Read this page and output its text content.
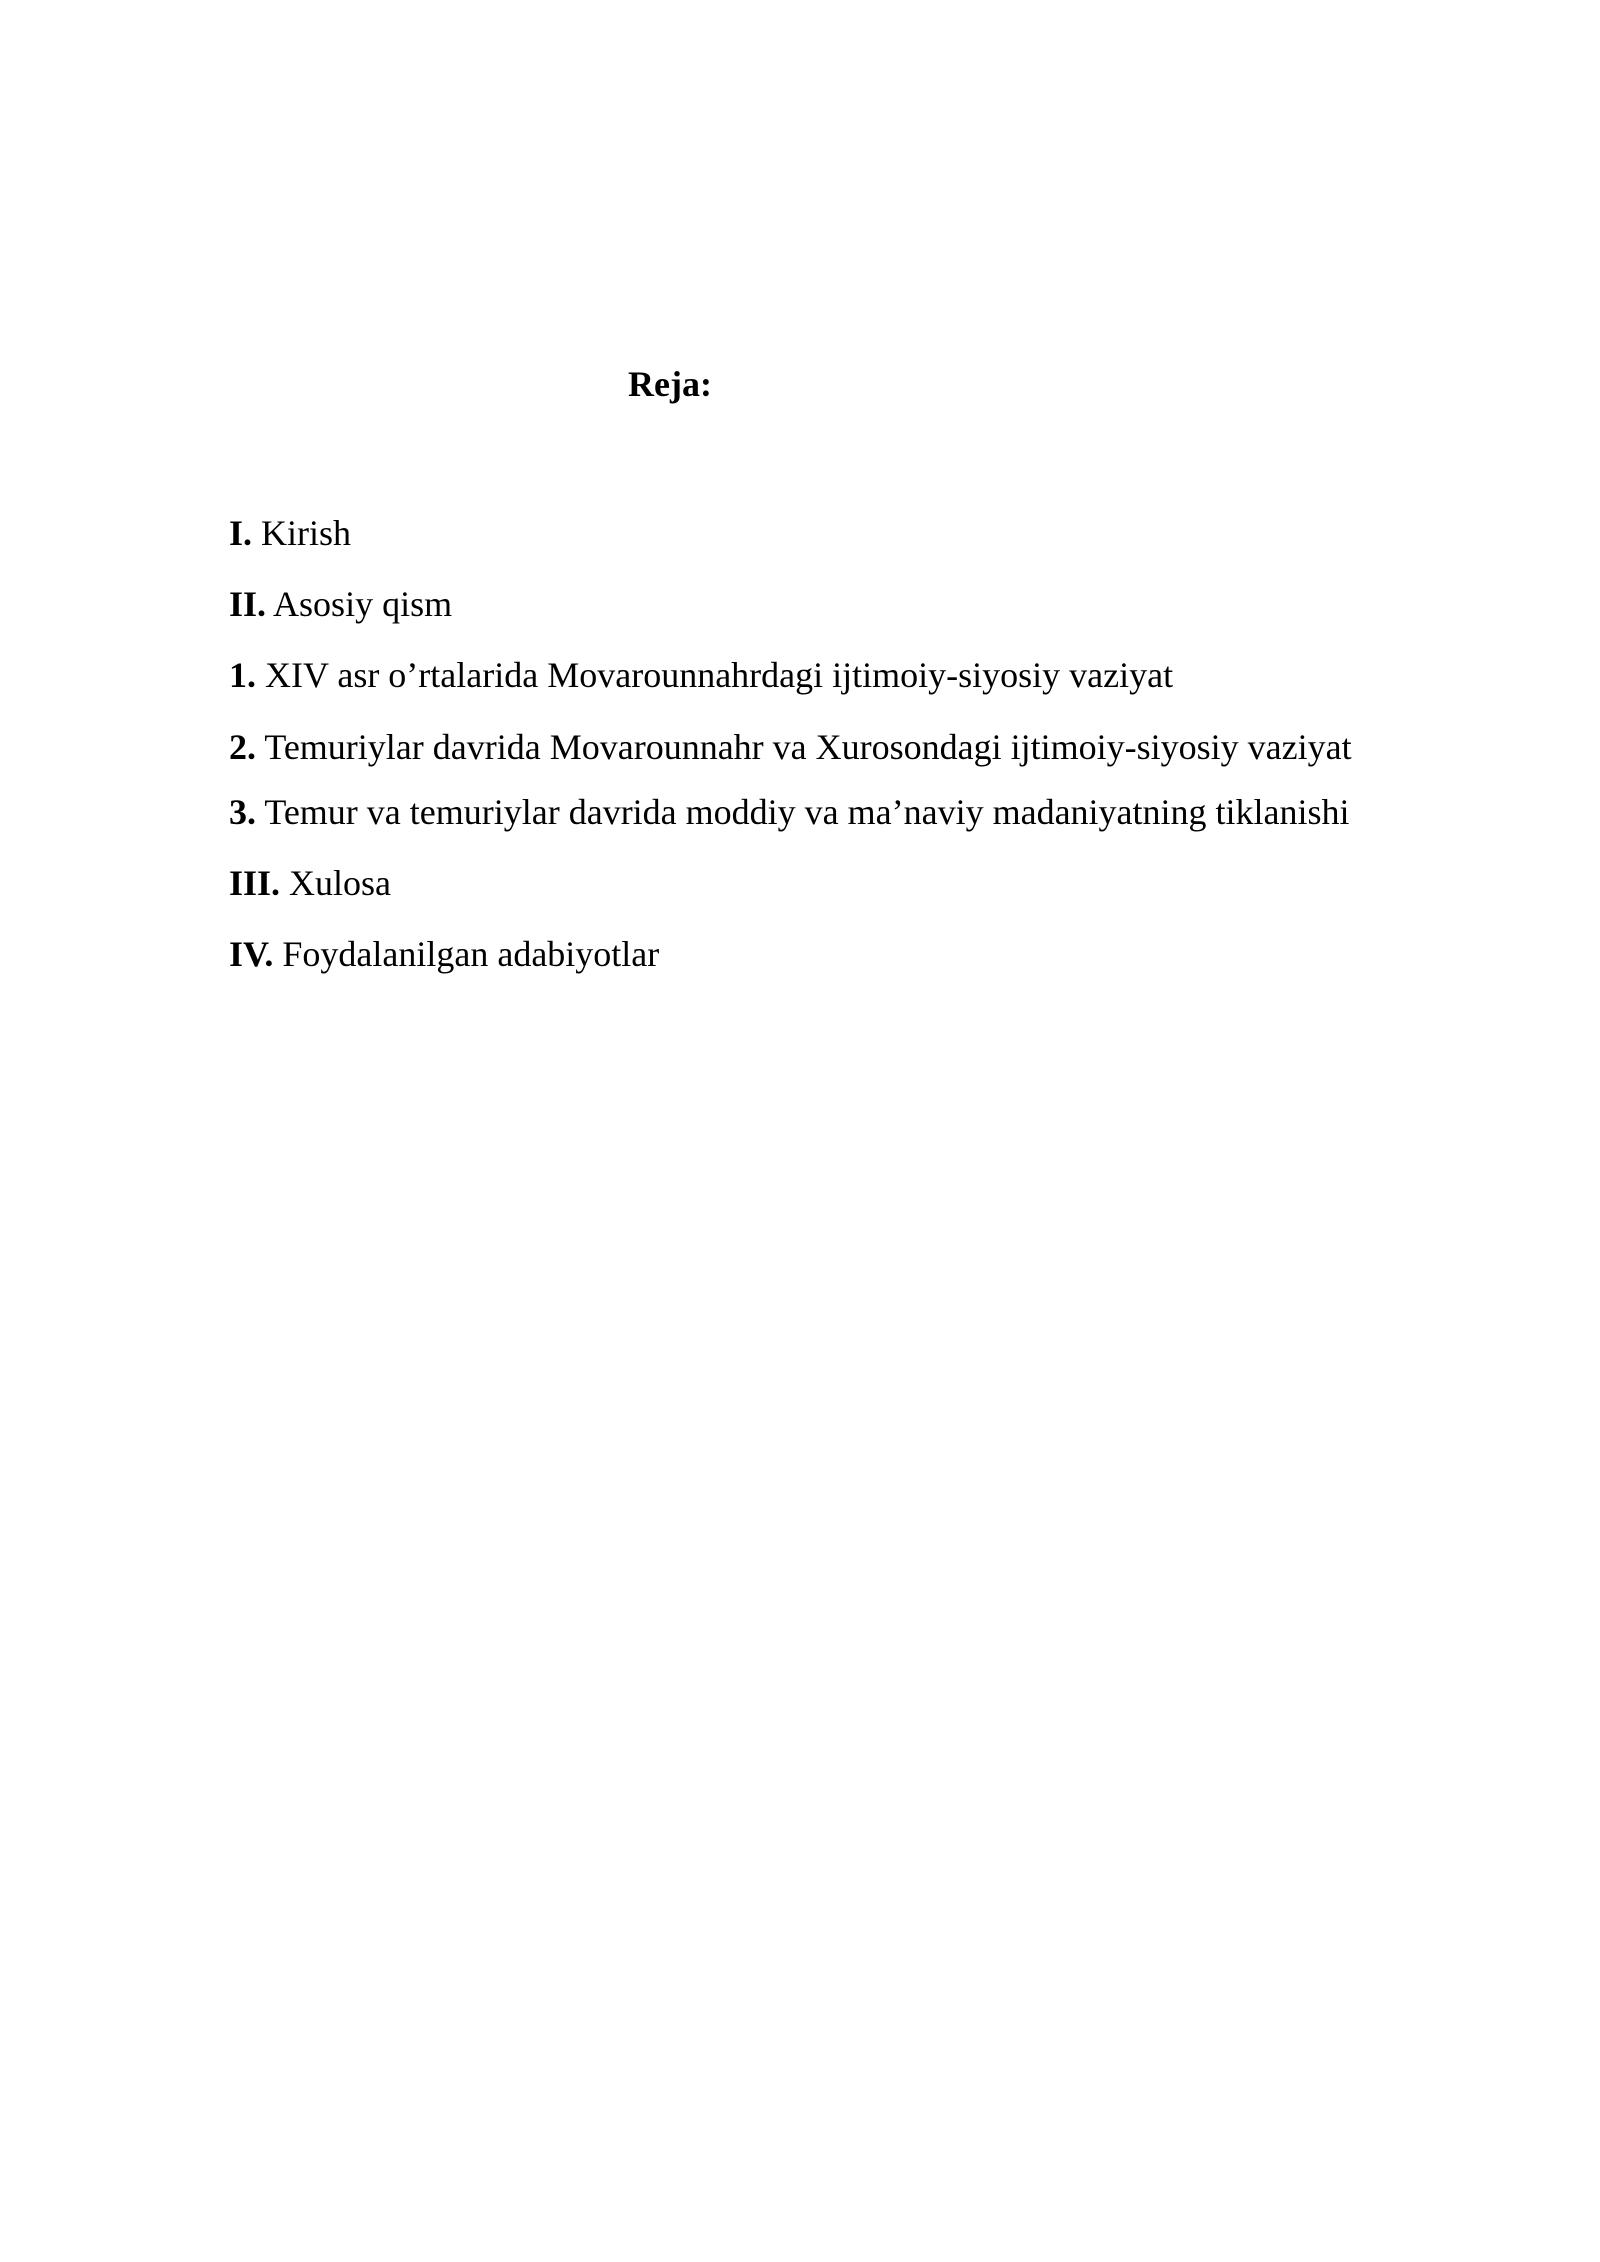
Reja:
I. Kirish
II. Asosiy qism
1. XIV asr o’rtalarida Movarounnahrdagi ijtimoiy-siyosiy vaziyat
2. Temuriylar davrida Movarounnahr va Xurosondagi ijtimoiy-siyosiy vaziyat
3. Temur va temuriylar davrida moddiy va ma’naviy madaniyatning tiklanishi
III. Xulosa
IV. Foydalanilgan adabiyotlar
